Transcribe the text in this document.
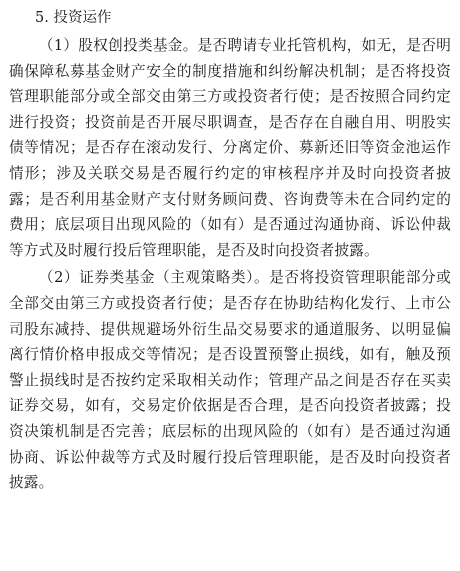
5. 投资运作

（1）股权创投类基金。是否聘请专业托管机构，如无，是否明确保障私募基金财产安全的制度措施和纠纷解决机制；是否将投资管理职能部分或全部交由第三方或投资者行使；是否按照合同约定进行投资；投资前是否开展尽职调查，是否存在自融自用、明股实债等情况；是否存在滚动发行、分离定价、募新还旧等资金池运作情形；涉及关联交易是否履行约定的审核程序并及时向投资者披露；是否利用基金财产支付财务顾问费、咨询费等未在合同约定的费用；底层项目出现风险的（如有）是否通过沟通协商、诉讼仲裁等方式及时履行投后管理职能，是否及时向投资者披露。

（2）证券类基金（主观策略类）。是否将投资管理职能部分或全部交由第三方或投资者行使；是否存在协助结构化发行、上市公司股东减持、提供规避场外衍生品交易要求的通道服务、以明显偏离行情价格申报成交等情况；是否设置预警止损线，如有，触及预警止损线时是否按约定采取相关动作；管理产品之间是否存在买卖证券交易，如有，交易定价依据是否合理，是否向投资者披露；投资决策机制是否完善；底层标的出现风险的（如有）是否通过沟通协商、诉讼仲裁等方式及时履行投后管理职能，是否及时向投资者披露。
